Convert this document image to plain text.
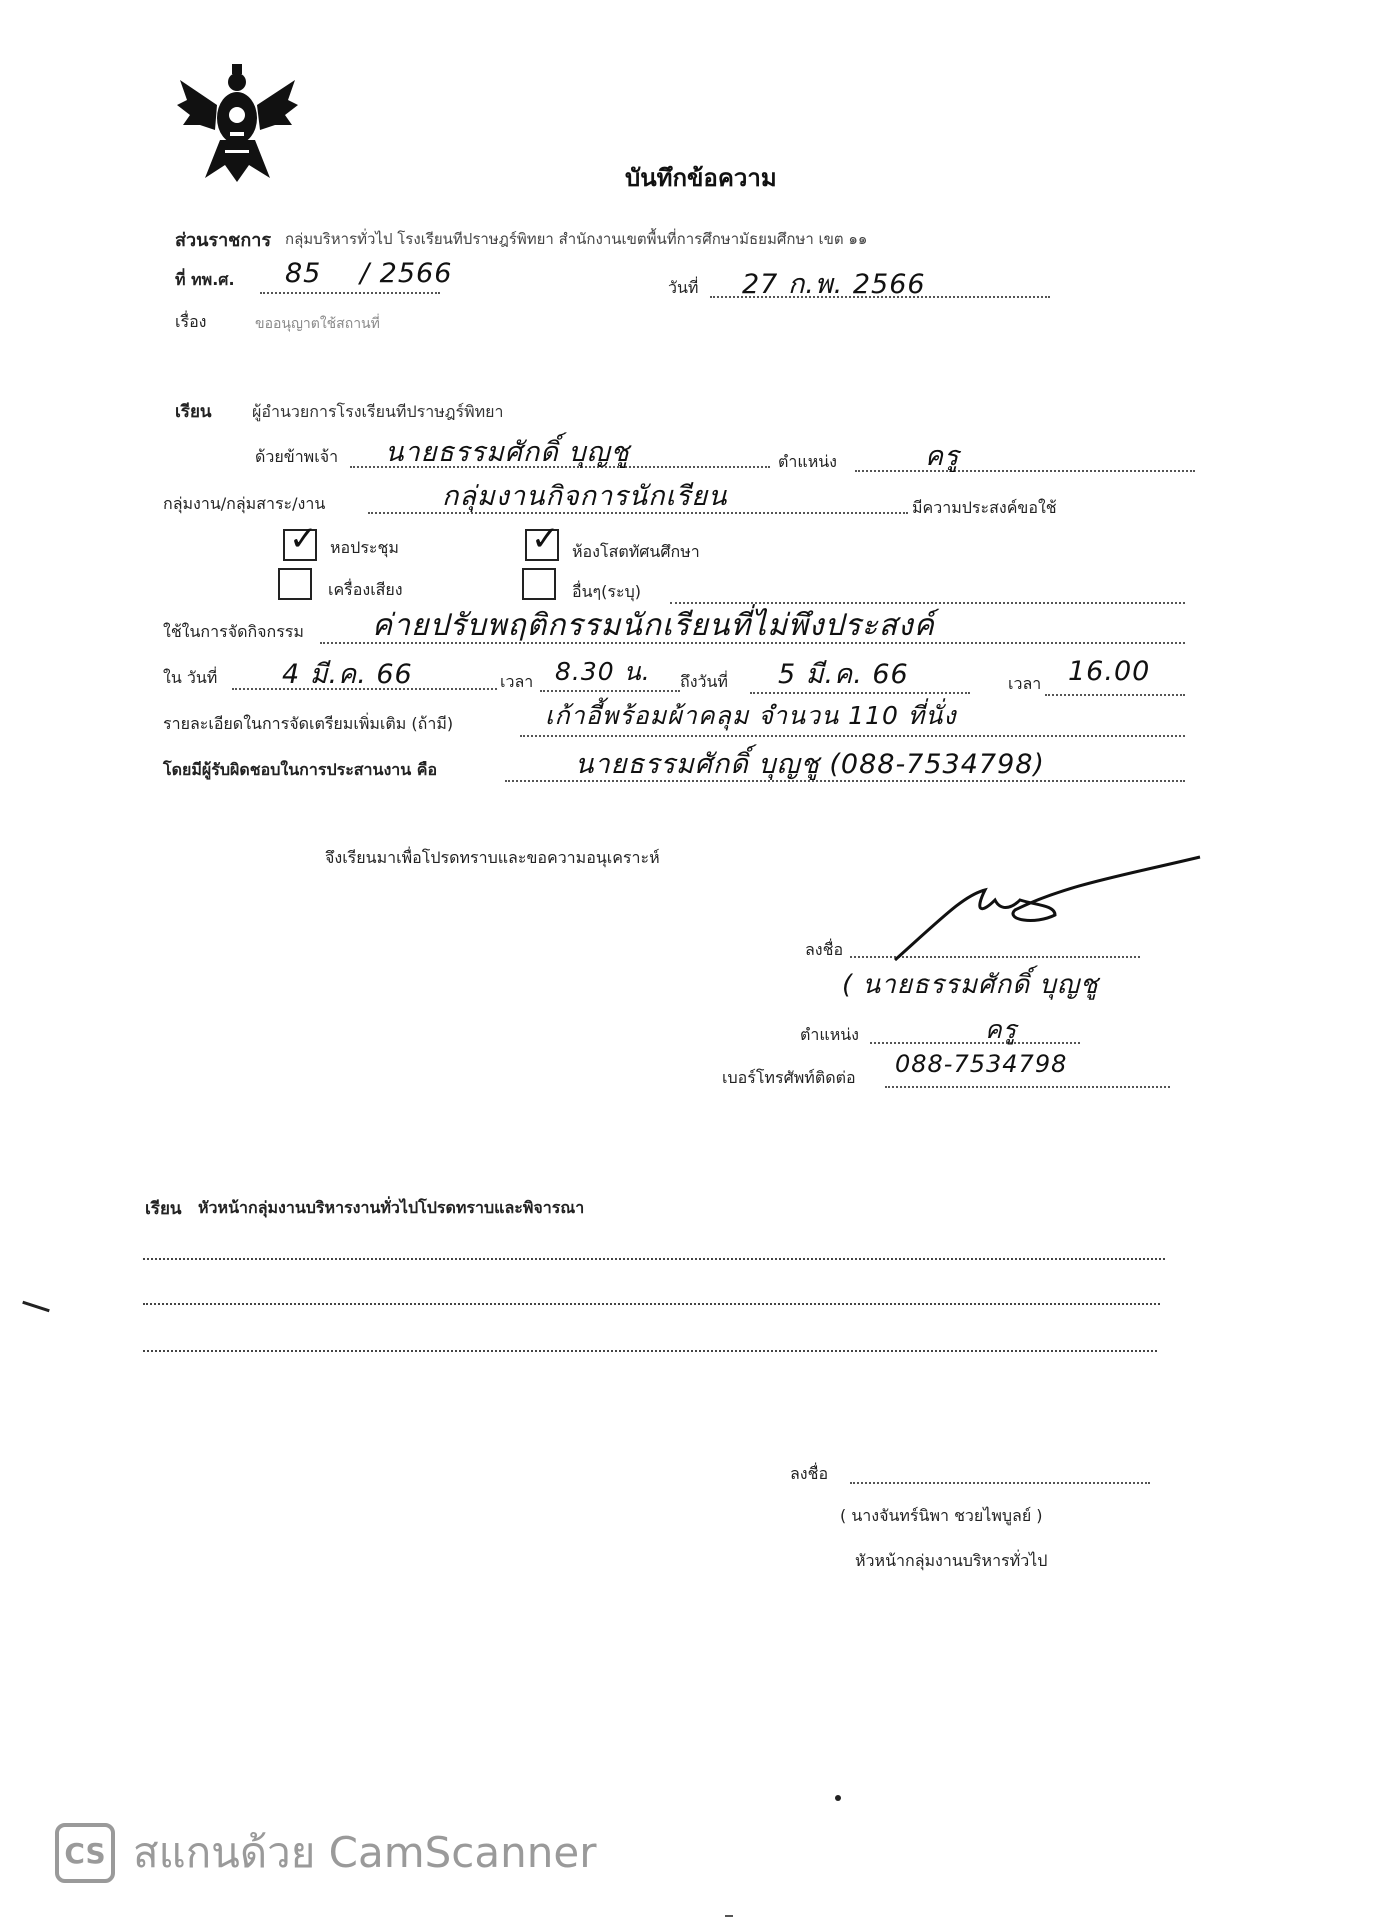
บันทึกข้อความ
ส่วนราชการ กลุ่มบริหารทั่วไป โรงเรียนทีปราษฎร์พิทยา สำนักงานเขตพื้นที่การศึกษามัธยมศึกษา เขต ๑๑
ที่ ทพ.ศ. 85 / 2566	วันที่ 27 ก.พ. 2566
เรื่อง	ขออนุญาตใช้สถานที่
เรียน	ผู้อำนวยการโรงเรียนทีปราษฎร์พิทยา
ด้วยข้าพเจ้า นายธรรมศักดิ์ บุญชู	ตำแหน่ง	ครู
กลุ่มงาน/กลุ่มสาระ/งาน	กลุ่มงานกิจการนักเรียน	มีความประสงค์ขอใช้
✓ หอประชุม	✓ ห้องโสตทัศนศึกษา
เครื่องเสียง	อื่นๆ(ระบุ)
ใช้ในการจัดกิจกรรม ค่ายปรับพฤติกรรมนักเรียนที่ไม่พึงประสงค์
ใน วันที่ 4 มี.ค. 66	เวลา 8.30 น. ถึงวันที่ 5 มี.ค. 66	เวลา 16.00
รายละเอียดในการจัดเตรียมเพิ่มเติม (ถ้ามี)	เก้าอี้พร้อมผ้าคลุม จำนวน 110 ที่นั่ง
โดยมีผู้รับผิดชอบในการประสานงาน คือ	นายธรรมศักดิ์ บุญชู (088-7534798)
จึงเรียนมาเพื่อโปรดทราบและขอความอนุเคราะห์
ลงชื่อ
( นายธรรมศักดิ์ บุญชู
ตำแหน่ง	ครู
เบอร์โทรศัพท์ติดต่อ 088-7534798
เรียน หัวหน้ากลุ่มงานบริหารงานทั่วไปโปรดทราบและพิจารณา
ลงชื่อ
( นางจันทร์นิพา ชวยไพบูลย์ )
หัวหน้ากลุ่มงานบริหารทั่วไป
CS สแกนด้วย CamScanner
